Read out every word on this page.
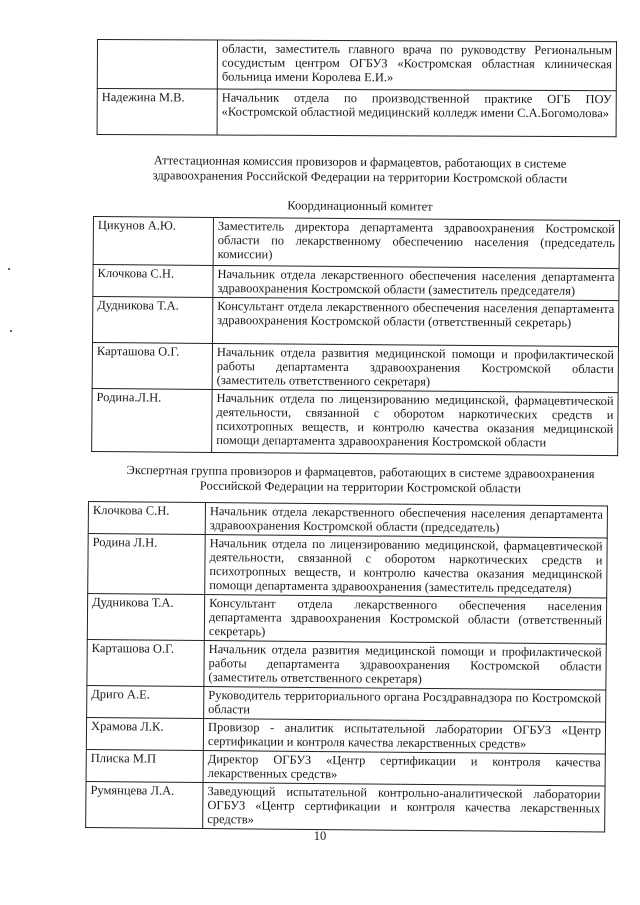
	области, заместитель главного врача по руководству Региональным сосудистым центром ОГБУЗ «Костромская областная клиническая больница имени Королева Е.И.»
Надежина М.В.	Начальник отдела по производственной практике ОГБ ПОУ «Костромской областной медицинский колледж имени С.А.Богомолова»
Аттестационная комиссия провизоров и фармацевтов, работающих в системе
здравоохранения Российской Федерации на территории Костромской области
Координационный комитет
Цикунов А.Ю.	Заместитель директора департамента здравоохранения Костромской области по лекарственному обеспечению населения (председатель комиссии)
Клочкова С.Н.	Начальник отдела лекарственного обеспечения населения департамента здравоохранения Костромской области (заместитель председателя)
Дудникова Т.А.	Консультант отдела лекарственного обеспечения населения департамента здравоохранения Костромской области (ответственный секретарь)
Карташова О.Г.	Начальник отдела развития медицинской помощи и профилактической работы департамента здравоохранения Костромской области (заместитель ответственного секретаря)
Родина.Л.Н.	Начальник отдела по лицензированию медицинской, фармацевтической деятельности, связанной с оборотом наркотических средств и психотропных веществ, и контролю качества оказания медицинской помощи департамента здравоохранения Костромской области
Экспертная группа провизоров и фармацевтов, работающих в системе здравоохранения
Российской Федерации на территории Костромской области
Клочкова С.Н.	Начальник отдела лекарственного обеспечения населения департамента здравоохранения Костромской области (председатель)
Родина Л.Н.	Начальник отдела по лицензированию медицинской, фармацевтической деятельности, связанной с оборотом наркотических средств и психотропных веществ, и контролю качества оказания медицинской помощи департамента здравоохранения (заместитель председателя)
Дудникова Т.А.	Консультант отдела лекарственного обеспечения населения департамента здравоохранения Костромской области (ответственный секретарь)
Карташова О.Г.	Начальник отдела развития медицинской помощи и профилактической работы департамента здравоохранения Костромской области (заместитель ответственного секретаря)
Дриго А.Е.	Руководитель территориального органа Росздравнадзора по Костромской области
Храмова Л.К.	Провизор - аналитик испытательной лаборатории ОГБУЗ «Центр сертификации и контроля качества лекарственных средств»
Плиска М.П	Директор ОГБУЗ «Центр сертификации и контроля качества лекарственных средств»
Румянцева Л.А.	Заведующий испытательной контрольно-аналитической лаборатории ОГБУЗ «Центр сертификации и контроля качества лекарственных средств»
10
